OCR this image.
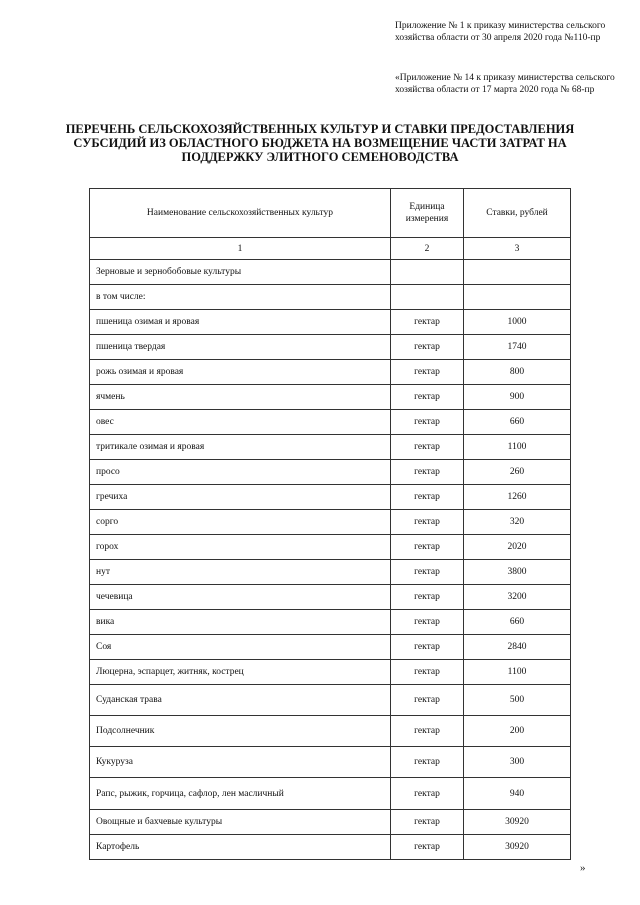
Приложение № 1 к приказу министерства сельского хозяйства области от 30 апреля 2020 года №110-пр
«Приложение № 14 к приказу министерства сельского хозяйства области от 17 марта 2020 года № 68-пр
ПЕРЕЧЕНЬ СЕЛЬСКОХОЗЯЙСТВЕННЫХ КУЛЬТУР И СТАВКИ ПРЕДОСТАВЛЕНИЯ СУБСИДИЙ ИЗ ОБЛАСТНОГО БЮДЖЕТА НА ВОЗМЕЩЕНИЕ ЧАСТИ ЗАТРАТ НА ПОДДЕРЖКУ ЭЛИТНОГО СЕМЕНОВОДСТВА
Наименование сельскохозяйственных культур	Единица измерения	Ставки, рублей
1	2	3
Зерновые и зернобобовые культуры		
в том числе:		
пшеница озимая и яровая	гектар	1000
пшеница твердая	гектар	1740
рожь озимая и яровая	гектар	800
ячмень	гектар	900
овес	гектар	660
тритикале озимая и яровая	гектар	1100
просо	гектар	260
гречиха	гектар	1260
сорго	гектар	320
горох	гектар	2020
нут	гектар	3800
чечевица	гектар	3200
вика	гектар	660
Соя	гектар	2840
Люцерна, эспарцет, житняк, кострец	гектар	1100
Суданская трава	гектар	500
Подсолнечник	гектар	200
Кукуруза	гектар	300
Рапс, рыжик, горчица, сафлор, лен масличный	гектар	940
Овощные и бахчевые культуры	гектар	30920
Картофель	гектар	30920
»
